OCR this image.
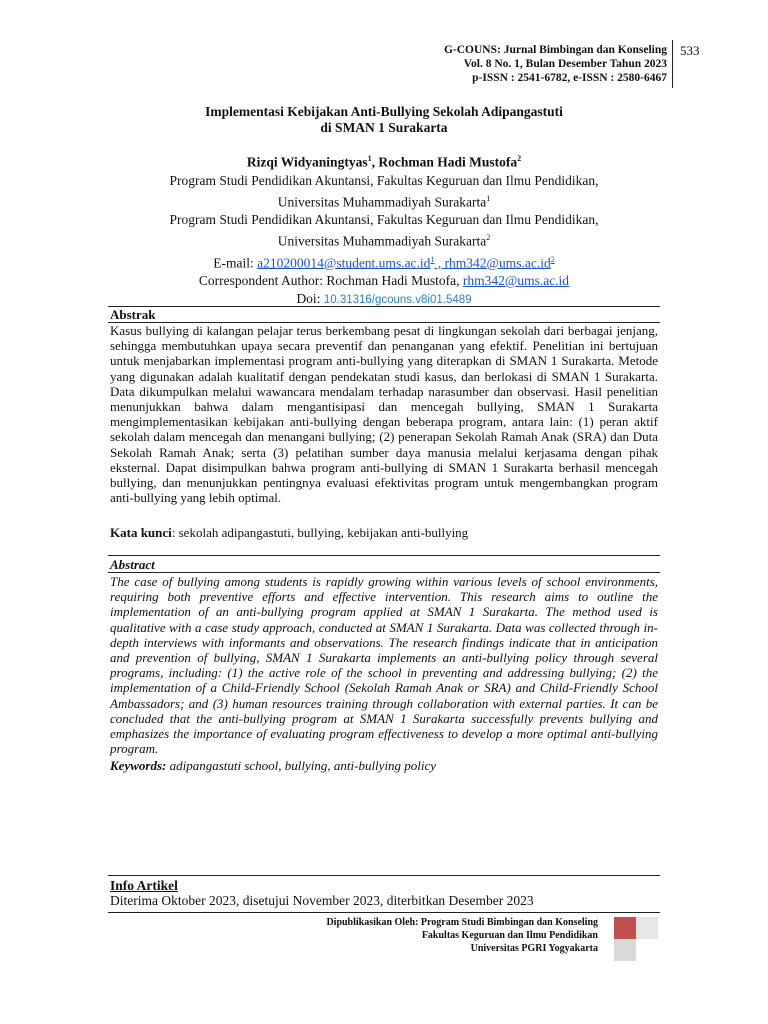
G-COUNS: Jurnal Bimbingan dan Konseling
Vol. 8 No. 1, Bulan Desember Tahun 2023
p-ISSN : 2541-6782, e-ISSN : 2580-6467
533
Implementasi Kebijakan Anti-Bullying Sekolah Adipangastuti
di SMAN 1 Surakarta
Rizqi Widyaningtyas$^1$, Rochman Hadi Mustofa$^2$
Program Studi Pendidikan Akuntansi, Fakultas Keguruan dan Ilmu Pendidikan,
Universitas Muhammadiyah Surakarta$^1$
Program Studi Pendidikan Akuntansi, Fakultas Keguruan dan Ilmu Pendidikan,
Universitas Muhammadiyah Surakarta$^2$
E-mail: $a210200014@student.ums.ac.id^1$ , $rhm342@ums.ac.id^2$
Correspondent Author: Rochman Hadi Mustofa, rhm342@ums.ac.id
Doi: 10.31316/gcouns.v8i01.5489
Abstrak
Kasus bullying di kalangan pelajar terus berkembang pesat di lingkungan sekolah dari berbagai jenjang, sehingga membutuhkan upaya secara preventif dan penanganan yang efektif. Penelitian ini bertujuan untuk menjabarkan implementasi program anti-bullying yang diterapkan di SMAN 1 Surakarta. Metode yang digunakan adalah kualitatif dengan pendekatan studi kasus, dan berlokasi di SMAN 1 Surakarta. Data dikumpulkan melalui wawancara mendalam terhadap narasumber dan observasi. Hasil penelitian menunjukkan bahwa dalam mengantisipasi dan mencegah bullying, SMAN 1 Surakarta mengimplementasikan kebijakan anti-bullying dengan beberapa program, antara lain: (1) peran aktif sekolah dalam mencegah dan menangani bullying; (2) penerapan Sekolah Ramah Anak (SRA) dan Duta Sekolah Ramah Anak; serta (3) pelatihan sumber daya manusia melalui kerjasama dengan pihak eksternal. Dapat disimpulkan bahwa program anti-bullying di SMAN 1 Surakarta berhasil mencegah bullying, dan menunjukkan pentingnya evaluasi efektivitas program untuk mengembangkan program anti-bullying yang lebih optimal.
Kata kunci: sekolah adipangastuti, bullying, kebijakan anti-bullying
Abstract
The case of bullying among students is rapidly growing within various levels of school environments, requiring both preventive efforts and effective intervention. This research aims to outline the implementation of an anti-bullying program applied at SMAN 1 Surakarta. The method used is qualitative with a case study approach, conducted at SMAN 1 Surakarta. Data was collected through in-depth interviews with informants and observations. The research findings indicate that in anticipation and prevention of bullying, SMAN 1 Surakarta implements an anti-bullying policy through several programs, including: (1) the active role of the school in preventing and addressing bullying; (2) the implementation of a Child-Friendly School (Sekolah Ramah Anak or SRA) and Child-Friendly School Ambassadors; and (3) human resources training through collaboration with external parties. It can be concluded that the anti-bullying program at SMAN 1 Surakarta successfully prevents bullying and emphasizes the importance of evaluating program effectiveness to develop a more optimal anti-bullying program.
Keywords: adipangastuti school, bullying, anti-bullying policy
Info Artikel
Diterima Oktober 2023, disetujui November 2023, diterbitkan Desember 2023
Dipublikasikan Oleh: Program Studi Bimbingan dan Konseling
Fakultas Keguruan dan Ilmu Pendidikan
Universitas PGRI Yogyakarta
